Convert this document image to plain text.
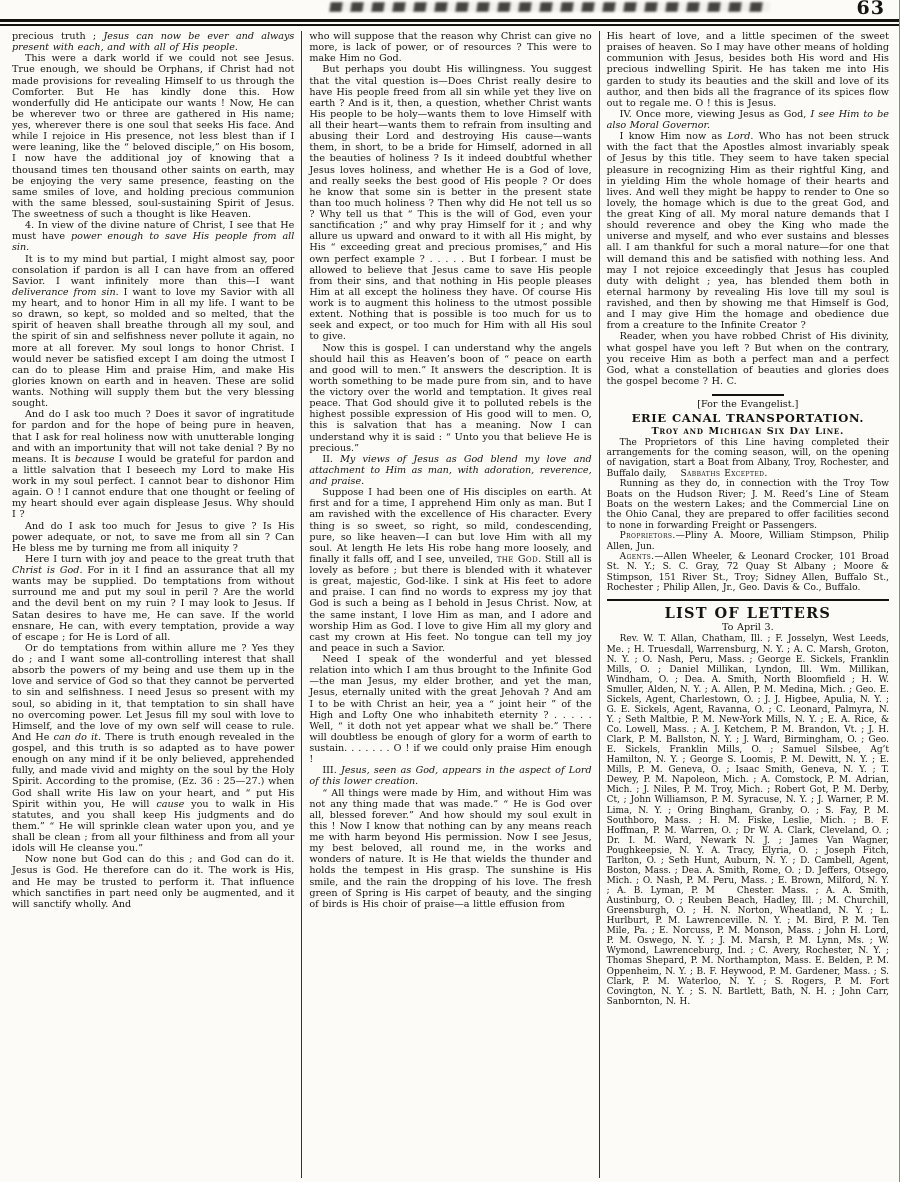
63

precious truth ; Jesus can now be ever and always present with each, and with all of His people.

This were a dark world if we could not see Jesus. True enough, we should be Orphans, if Christ had not made provisions for revealing Himself to us through the Comforter. But He has kindly done this. How wonderfully did He anticipate our wants ! Now, He can be wherever two or three are gathered in His name; yes, wherever there is one soul that seeks His face. And while I rejoice in His presence, not less blest than if I were leaning, like the “ beloved disciple,” on His bosom, I now have the additional joy of knowing that a thousand times ten thousand other saints on earth, may be enjoying the very same presence, feasting on the same smiles of love, and holding precious communion with the same blessed, soul-sustaining Spirit of Jesus. The sweetness of such a thought is like Heaven.

4. In view of the divine nature of Christ, I see that He must have power enough to save His people from all sin.

It is to my mind but partial, I might almost say, poor consolation if pardon is all I can have from an offered Savior. I want infinitely more than this—I want deliverance from sin. I want to love my Savior with all my heart, and to honor Him in all my life. I want to be so drawn, so kept, so molded and so melted, that the spirit of heaven shall breathe through all my soul, and the spirit of sin and selfishness never pollute it again, no more at all forever. My soul longs to honor Christ. I would never be satisfied except I am doing the utmost I can do to please Him and praise Him, and make His glories known on earth and in heaven. These are solid wants. Nothing will supply them but the very blessing sought.

And do I ask too much ? Does it savor of ingratitude for pardon and for the hope of being pure in heaven, that I ask for real holiness now with unutterable longing and with an importunity that will not take denial ? By no means. It is because I would be grateful for pardon and a little salvation that I beseech my Lord to make His work in my soul perfect. I cannot bear to dishonor Him again. O ! I cannot endure that one thought or feeling of my heart should ever again displease Jesus. Why should I ?

And do I ask too much for Jesus to give ? Is His power adequate, or not, to save me from all sin ? Can He bless me by turning me from all iniquity ?

Here I turn with joy and peace to the great truth that Christ is God. For in it I find an assurance that all my wants may be supplied. Do temptations from without surround me and put my soul in peril ? Are the world and the devil bent on my ruin ? I may look to Jesus. If Satan desires to have me, He can save. If the world ensnare, He can, with every temptation, provide a way of escape ; for He is Lord of all.

Or do temptations from within allure me ? Yes they do ; and I want some all-controlling interest that shall absorb the powers of my being and use them up in the love and service of God so that they cannot be perverted to sin and selfishness. I need Jesus so present with my soul, so abiding in it, that temptation to sin shall have no overcoming power. Let Jesus fill my soul with love to Himself, and the love of my own self will cease to rule. And He can do it. There is truth enough revealed in the gospel, and this truth is so adapted as to have power enough on any mind if it be only believed, apprehended fully, and made vivid and mighty on the soul by the Holy Spirit. According to the promise, (Ez. 36 : 25—27.) when God shall write His law on your heart, and “ put His Spirit within you, He will cause you to walk in His statutes, and you shall keep His judgments and do them.” “ He will sprinkle clean water upon you, and ye shall be clean ; from all your filthiness and from all your idols will He cleanse you.”

Now none but God can do this ; and God can do it. Jesus is God. He therefore can do it. The work is His, and He may be trusted to perform it. That influence which sanctifies in part need only be augmented, and it will sanctify wholly. And

who will suppose that the reason why Christ can give no more, is lack of power, or of resources ? This were to make Him no God.

But perhaps you doubt His willingness. You suggest that the vital question is—Does Christ really desire to have His people freed from all sin while yet they live on earth ? And is it, then, a question, whether Christ wants His people to be holy—wants them to love Himself with all their heart—wants them to refrain from insulting and abusing their Lord and destroying His cause—wants them, in short, to be a bride for Himself, adorned in all the beauties of holiness ? Is it indeed doubtful whether Jesus loves holiness, and whether He is a God of love, and really seeks the best good of His people ? Or does he know that some sin is better in the present state than too much holiness ? Then why did He not tell us so ? Why tell us that “ This is the will of God, even your sanctification ;” and why pray Himself for it ; and why allure us upward and onward to it with all His might, by His “ exceeding great and precious promises,” and His own perfect example ? . . . . . But I forbear. I must be allowed to believe that Jesus came to save His people from their sins, and that nothing in His people pleases Him at all except the holiness they have. Of course His work is to augment this holiness to the utmost possible extent. Nothing that is possible is too much for us to seek and expect, or too much for Him with all His soul to give.

Now this is gospel. I can understand why the angels should hail this as Heaven’s boon of “ peace on earth and good will to men.” It answers the description. It is worth something to be made pure from sin, and to have the victory over the world and temptation. It gives real peace. That God should give it to polluted rebels is the highest possible expression of His good will to men. O, this is salvation that has a meaning. Now I can understand why it is said : “ Unto you that believe He is precious.”

II. My views of Jesus as God blend my love and attachment to Him as man, with adoration, reverence, and praise.

Suppose I had been one of His disciples on earth. At first and for a time, I apprehend Him only as man. But I am ravished with the excellence of His character. Every thing is so sweet, so right, so mild, condescending, pure, so like heaven—I can but love Him with all my soul. At length He lets His robe hang more loosely, and finally it falls off, and I see, unveiled, the God. Still all is lovely as before ; but there is blended with it whatever is great, majestic, God-like. I sink at His feet to adore and praise. I can find no words to express my joy that God is such a being as I behold in Jesus Christ. Now, at the same instant, I love Him as man, and I adore and worship Him as God. I love to give Him all my glory and cast my crown at His feet. No tongue can tell my joy and peace in such a Savior.

Need I speak of the wonderful and yet blessed relation into which I am thus brought to the Infinite God—the man Jesus, my elder brother, and yet the man, Jesus, eternally united with the great Jehovah ? And am I to be with Christ an heir, yea a “ joint heir ” of the High and Lofty One who inhabiteth eternity ? . . . . . Well, “ it doth not yet appear what we shall be.” There will doubtless be enough of glory for a worm of earth to sustain. . . . . . . O ! if we could only praise Him enough !

III. Jesus, seen as God, appears in the aspect of Lord of this lower creation.

“ All things were made by Him, and without Him was not any thing made that was made.” “ He is God over all, blessed forever.” And how should my soul exult in this ! Now I know that nothing can by any means reach me with harm beyond His permission. Now I see Jesus, my best beloved, all round me, in the works and wonders of nature. It is He that wields the thunder and holds the tempest in His grasp. The sunshine is His smile, and the rain the dropping of his love. The fresh green of Spring is His carpet of beauty, and the singing of birds is His choir of praise—a little effusion from

His heart of love, and a little specimen of the sweet praises of heaven. So I may have other means of holding communion with Jesus, besides both His word and His precious indwelling Spirit. He has taken me into His garden to study its beauties and the skill and love of its author, and then bids all the fragrance of its spices flow out to regale me. O ! this is Jesus.

IV. Once more, viewing Jesus as God, I see Him to be also Moral Governor.

I know Him now as Lord. Who has not been struck with the fact that the Apostles almost invariably speak of Jesus by this title. They seem to have taken special pleasure in recognizing Him as their rightful King, and in yielding Him the whole homage of their hearts and lives. And well they might be happy to render to One so lovely, the homage which is due to the great God, and the great King of all. My moral nature demands that I should reverence and obey the King who made the universe and myself, and who ever sustains and blesses all. I am thankful for such a moral nature—for one that will demand this and be satisfied with nothing less. And may I not rejoice exceedingly that Jesus has coupled duty with delight ; yea, has blended them both in eternal harmony by revealing His love till my soul is ravished, and then by showing me that Himself is God, and I may give Him the homage and obedience due from a creature to the Infinite Creator ?

Reader, when you have robbed Christ of His divinity, what gospel have you left ? But when on the contrary, you receive Him as both a perfect man and a perfect God, what a constellation of beauties and glories does the gospel become ? H. C.

[For the Evangelist.]

ERIE CANAL TRANSPORTATION.

Troy and Michigan Six Day Line.

The Proprietors of this Line having completed their arrangements for the coming season, will, on the opening of navigation, start a Boat from Albany, Troy, Rochester, and Buffalo daily,    Sabbaths Excepted.

Running as they do, in connection with the Troy Tow Boats on the Hudson River; J. M. Reed’s Line of Steam Boats on the western Lakes; and the Commercial Line on the Ohio Canal, they are prepared to offer facilities second to none in forwarding Freight or Passengers.

Proprietors.—Pliny A. Moore, William Stimpson, Philip Allen, Jun.

Agents.—Allen Wheeler, & Leonard Crocker, 101 Broad St. N. Y.; S. C. Gray, 72 Quay St Albany ; Moore & Stimpson, 151 River St., Troy; Sidney Allen, Buffalo St., Rochester ; Philip Allen, Jr., Geo. Davis & Co., Buffalo.

LIST OF LETTERS

To April 3.

Rev. W. T. Allan, Chatham, Ill. ; F. Josselyn, West Leeds, Me. ; H. Truesdall, Warrensburg, N. Y. ; A. C. Marsh, Groton, N. Y. ; O. Nash, Peru, Mass. ; George E. Sickels, Franklin Mills, O. ; Daniel Millikan, Lyndon, Ill. Wm. Millikan, Windham, O. ; Dea. A. Smith, North Bloomfield ; H. W. Smuller, Alden, N. Y. ; A. Allen, P. M. Medina, Mich. ; Geo. E. Sickels, Agent, Charlestown, O. ; J. J. Higbee, Apulia, N. Y. ; G. E. Sickels, Agent, Ravanna, O. ; C. Leonard, Palmyra, N. Y. ; Seth Maltbie, P. M. New-York Mills, N. Y. ; E. A. Rice, & Co. Lowell, Mass. ; A. J. Ketchem, P. M. Brandon, Vt. ; J. H. Clark, P. M. Ballston, N. Y. ; J. Ward, Birmingham, O. ; Geo. E. Sickels, Franklin Mills, O. ; Samuel Silsbee, Ag’t Hamilton, N. Y. ; George S. Loomis, P. M. Dewitt, N. Y. ; E. Mills, P. M. Geneva, O. ; Isaac Smith, Geneva, N. Y. ; T. Dewey, P. M. Napoleon, Mich. ; A. Comstock, P. M. Adrian, Mich. ; J. Niles, P. M. Troy, Mich. ; Robert Got, P. M. Derby, Ct, ; John Williamson, P. M. Syracuse, N. Y. ; J. Warner, P. M. Lima, N. Y. ; Oring Bingham, Granby, O. ; S. Fay, P. M. Southboro, Mass. ; H. M. Fiske, Leslie, Mich. ; B. F. Hoffman, P. M. Warren, O. ; Dr W. A. Clark, Cleveland, O. ; Dr. I. M. Ward, Newark N. J. ; James Van Wagner, Poughkeepsie, N. Y. A. Tracy, Elyria, O. ; Joseph Fitch, Tarlton, O. ; Seth Hunt, Auburn, N. Y. ; D. Cambell, Agent, Boston, Mass. ; Dea. A. Smith, Rome, O. ; D. Jeffers, Otsego, Mich. ; O. Nash, P. M. Peru, Mass. ; E. Brown, Milford, N. Y. ; A. B. Lyman, P. M   Chester. Mass. ; A. A. Smith, Austinburg, O. ; Reuben Beach, Hadley, Ill. ; M. Churchill, Greensburgh, O. ; H. N. Norton, Wheatland, N. Y. ; L. Hurlburt, P. M. Lawrenceville. N. Y. ; M. Bird, P. M. Ten Mile, Pa. ; E. Norcuss, P. M. Monson, Mass. ; John H. Lord, P. M. Oswego, N. Y. ; J. M. Marsh, P. M. Lynn, Ms. ; W. Wymond, Lawrenceburg, Ind. ; C. Avery, Rochester, N. Y. ; Thomas Shepard, P. M. Northampton, Mass. E. Belden, P. M. Oppenheim, N. Y. ; B. F. Heywood, P. M. Gardener, Mass. ; S. Clark, P. M. Waterloo, N. Y. ; S. Rogers, P. M. Fort Covington, N. Y. ; S. N. Bartlett, Bath, N. H. ; John Carr, Sanbornton, N. H.
